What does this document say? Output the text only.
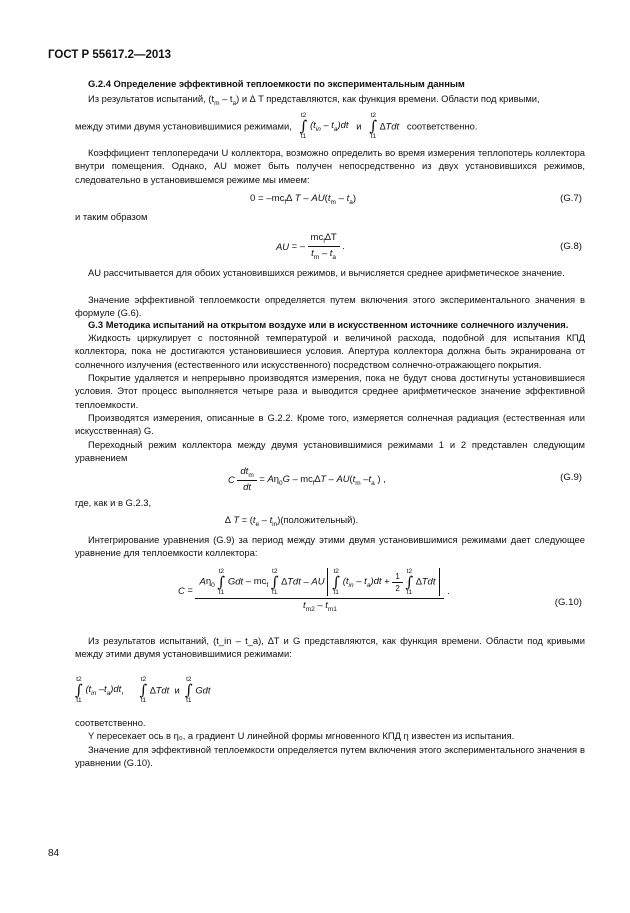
ГОСТ Р 55617.2—2013
G.2.4 Определение эффективной теплоемкости по экспериментальным данным
Из результатов испытаний, $(t_m - t_a)$ и ∆ T представляются, как функция времени. Области под кривыми,
между этими двумя установившимися режимами,
t2
∫
t1
$(t_{in} - t_a)dt$ и
t2
∫
t1
∆Tdt соответственно.
Коэффициент теплопередачи U коллектора, возможно определить во время измерения теплопотерь коллектора внутри помещения. Однако, AU может быть получен непосредственно из двух установившихся режимов, следовательно в установившемся режиме мы имеем:
$0 = -mc_f\Delta$ T – $AU(t_m - t_a)$	(G.7)
и таким образом
AU = – $\frac{mc_f\Delta T}{t_m - t_a}$ .	(G.8)
AU рассчитывается для обоих установившихся режимов, и вычисляется среднее арифметическое значение.
Значение эффективной теплоемкости определяется путем включения этого экспериментального значения в формуле (G.6).
G.3 Методика испытаний на открытом воздухе или в искусственном источнике солнечного излучения.
Жидкость циркулирует с постоянной температурой и величиной расхода, подобной для испытания КПД коллектора, пока не достигаются установившиеся условия. Апертура коллектора должна быть экранирована от солнечного излучения (естественного или искусственного) посредством солнечно-отражающего покрытия.
Покрытие удаляется и непрерывно производятся измерения, пока не будут снова достигнуты установившиеся условия. Этот процесс выполняется четыре раза и выводится среднее арифметическое значение эффективной теплоемкости.
Производятся измерения, описанные в G.2.2. Кроме того, измеряется солнечная радиация (естественная или искусственная) G.
Переходный режим коллектора между двумя установившимися режимами 1 и 2 представлен следующим уравнением
C $\frac{dt_m}{dt} = A\eta_0G - mc_f\Delta T - AU(t_m$ $-t_a$ ) ,	(G.9)
где, как и в G.2.3,
∆ $T = (t_e$ – $t_{in})(положительный)$.
Интегрирование уравнения (G.9) за период между этими двумя установившимися режимами дает следующее уравнение для теплоемкости коллектора:
C =
$A\eta_0$
t2
∫
t1
Gdt – $mc_f$
t2
∫
t1
∆Tdt – AU
t2
∫
t1
$(t_{in} - t_a)dt + \frac{1}{2}$
t2
∫
t1
∆Tdt
$t_{m2} - t_{m1}$
.
(G.10)
Из результатов испытаний, (t_in – t_a), ∆T и G представляются, как функция времени. Области под кривыми между этими двумя установившимися режимами:
t2
∫
t1
($t_{in}$ $-t_a)dt$,
t2
∫
t1
∆Tdt и
t2
∫
t1
Gdt
соответственно.
Y пересекает ось в η₀, а градиент U линейной формы мгновенного КПД η известен из испытания.
Значение для эффективной теплоемкости определяется путем включения этого экспериментального значения в уравнении (G.10).
84
